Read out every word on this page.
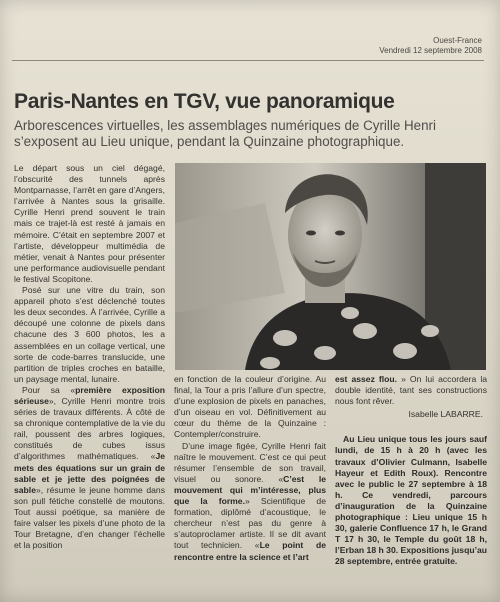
Ouest-France
Vendredi 12 septembre 2008
Paris-Nantes en TGV, vue panoramique
Arborescences virtuelles, les assemblages numériques de Cyrille Henri s’exposent au Lieu unique, pendant la Quinzaine photographique.

Le départ sous un ciel dégagé, l’obscurité des tunnels après Montparnasse, l’arrêt en gare d’Angers, l’arrivée à Nantes sous la grisaille. Cyrille Henri prend souvent le train mais ce trajet-là est resté à jamais en mémoire. C’était en septembre 2007 et l’artiste, développeur multimédia de métier, venait à Nantes pour présenter une performance audiovisuelle pendant le festival Scopitone.

Posé sur une vitre du train, son appareil photo s’est déclenché toutes les deux secondes. À l’arrivée, Cyrille a découpé une colonne de pixels dans chacune des 3 600 photos, les a assemblées en un collage vertical, une sorte de code-barres translucide, une partition de triples croches en bataille, un paysage mental, lunaire.

Pour sa «première exposition sérieuse», Cyrille Henri montre trois séries de travaux différents. À côté de sa chronique contemplative de la vie du rail, poussent des arbres logiques, constitués de cubes issus d’algorithmes mathématiques. «Je mets des équations sur un grain de sable et je jette des poignées de sable», résume le jeune homme dans son pull fétiche constellé de moutons. Tout aussi poétique, sa manière de faire valser les pixels d’une photo de la Tour Bretagne, d’en changer l’échelle et la position

en fonction de la couleur d’origine. Au final, la Tour a pris l’allure d’un spectre, d’une explosion de pixels en panaches, d’un oiseau en vol. Définitivement au cœur du thème de la Quinzaine : Contempler/construire.

D’une image figée, Cyrille Henri fait naître le mouvement. C’est ce qui peut résumer l’ensemble de son travail, visuel ou sonore. «C’est le mouvement qui m’intéresse, plus que la forme.» Scientifique de formation, diplômé d’acoustique, le chercheur n’est pas du genre à s’autoproclamer artiste. Il se dit avant tout technicien. «Le point de rencontre entre la science et l’art

est assez flou. » On lui accordera la double identité, tant ses constructions nous font rêver.

Isabelle LABARRE.

Au Lieu unique tous les jours sauf lundi, de 15 h à 20 h (avec les travaux d’Olivier Culmann, Isabelle Hayeur et Edith Roux). Rencontre avec le public le 27 septembre à 18 h. Ce vendredi, parcours d’inauguration de la Quinzaine photographique : Lieu unique 15 h 30, galerie Confluence 17 h, le Grand T 17 h 30, le Temple du goût 18 h, l’Erban 18 h 30. Expositions jusqu’au 28 septembre, entrée gratuite.
